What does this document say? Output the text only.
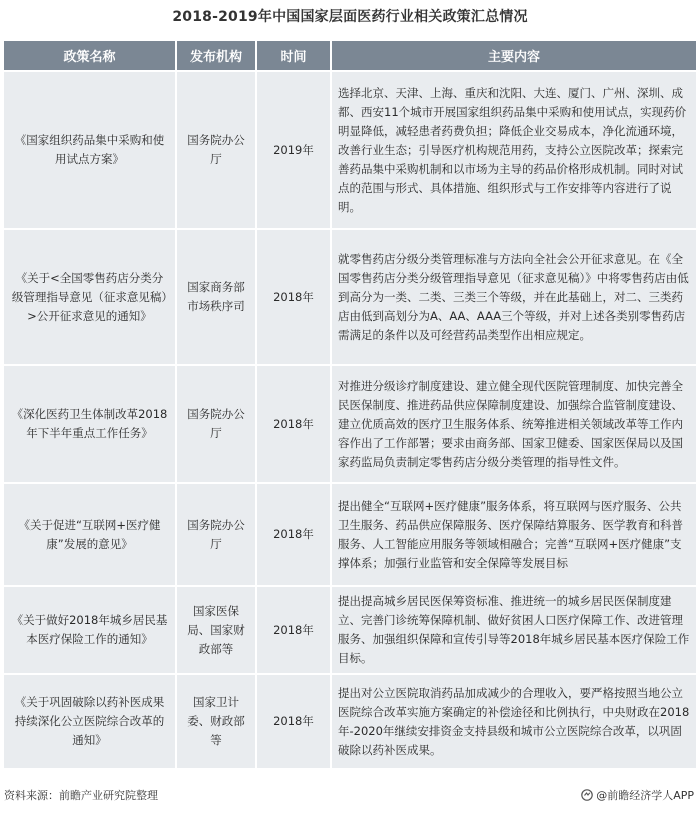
2018-2019年中国国家层面医药行业相关政策汇总情况
政策名称	发布机构	时间	主要内容
《国家组织药品集中采购和使用试点方案》	国务院办公厅	2019年	选择北京、天津、上海、重庆和沈阳、大连、厦门、广州、深圳、成都、西安11个城市开展国家组织药品集中采购和使用试点，实现药价明显降低，减轻患者药费负担；降低企业交易成本，净化流通环境，改善行业生态；引导医疗机构规范用药，支持公立医院改革；探索完善药品集中采购机制和以市场为主导的药品价格形成机制。同时对试点的范围与形式、具体措施、组织形式与工作安排等内容进行了说明。
《关于<全国零售药店分类分级管理指导意见（征求意见稿）>公开征求意见的通知》	国家商务部市场秩序司	2018年	就零售药店分级分类管理标准与方法向全社会公开征求意见。在《全国零售药店分类分级管理指导意见（征求意见稿）》中将零售药店由低到高分为一类、二类、三类三个等级，并在此基础上，对二、三类药店由低到高划分为A、AA、AAA三个等级，并对上述各类别零售药店需满足的条件以及可经营药品类型作出相应规定。
《深化医药卫生体制改革2018年下半年重点工作任务》	国务院办公厅	2018年	对推进分级诊疗制度建设、建立健全现代医院管理制度、加快完善全民医保制度、推进药品供应保障制度建设、加强综合监管制度建设、建立优质高效的医疗卫生服务体系、统筹推进相关领域改革等工作内容作出了工作部署；要求由商务部、国家卫健委、国家医保局以及国家药监局负责制定零售药店分级分类管理的指导性文件。
《关于促进“互联网+医疗健康”发展的意见》	国务院办公厅	2018年	提出健全“互联网+医疗健康”服务体系，将互联网与医疗服务、公共卫生服务、药品供应保障服务、医疗保障结算服务、医学教育和科普服务、人工智能应用服务等领域相融合；完善“互联网+医疗健康”支撑体系；加强行业监管和安全保障等发展目标
《关于做好2018年城乡居民基本医疗保险工作的通知》	国家医保局、国家财政部等	2018年	提出提高城乡居民医保筹资标准、推进统一的城乡居民医保制度建立、完善门诊统筹保障机制、做好贫困人口医疗保障工作、改进管理服务、加强组织保障和宣传引导等2018年城乡居民基本医疗保险工作目标。
《关于巩固破除以药补医成果持续深化公立医院综合改革的通知》	国家卫计委、财政部等	2018年	提出对公立医院取消药品加成减少的合理收入，要严格按照当地公立医院综合改革实施方案确定的补偿途径和比例执行，中央财政在2018年-2020年继续安排资金支持县级和城市公立医院综合改革，以巩固破除以药补医成果。
资料来源：前瞻产业研究院整理	@前瞻经济学人APP
